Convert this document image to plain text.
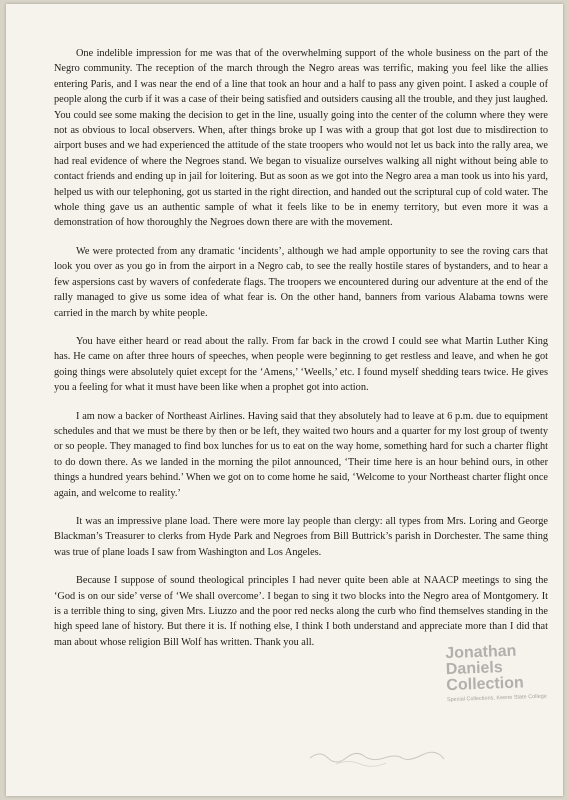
One indelible impression for me was that of the overwhelming support of the whole business on the part of the Negro community. The reception of the march through the Negro areas was terrific, making you feel like the allies entering Paris, and I was near the end of a line that took an hour and a half to pass any given point. I asked a couple of people along the curb if it was a case of their being satisfied and outsiders causing all the trouble, and they just laughed. You could see some making the decision to get in the line, usually going into the center of the column where they were not as obvious to local observers. When, after things broke up I was with a group that got lost due to misdirection to airport buses and we had experienced the attitude of the state troopers who would not let us back into the rally area, we had real evidence of where the Negroes stand. We began to visualize ourselves walking all night without being able to contact friends and ending up in jail for loitering. But as soon as we got into the Negro area a man took us into his yard, helped us with our telephoning, got us started in the right direction, and handed out the scriptural cup of cold water. The whole thing gave us an authentic sample of what it feels like to be in enemy territory, but even more it was a demonstration of how thoroughly the Negroes down there are with the movement.

We were protected from any dramatic ‘incidents’, although we had ample opportunity to see the roving cars that look you over as you go in from the airport in a Negro cab, to see the really hostile stares of bystanders, and to hear a few aspersions cast by wavers of confederate flags. The troopers we encountered during our adventure at the end of the rally managed to give us some idea of what fear is. On the other hand, banners from various Alabama towns were carried in the march by white people.

You have either heard or read about the rally. From far back in the crowd I could see what Martin Luther King has. He came on after three hours of speeches, when people were beginning to get restless and leave, and when he got going things were absolutely quiet except for the ‘Amens,’ ‘Weells,’ etc. I found myself shedding tears twice. He gives you a feeling for what it must have been like when a prophet got into action.

I am now a backer of Northeast Airlines. Having said that they absolutely had to leave at 6 p.m. due to equipment schedules and that we must be there by then or be left, they waited two hours and a quarter for my lost group of twenty or so people. They managed to find box lunches for us to eat on the way home, something hard for such a charter flight to do down there. As we landed in the morning the pilot announced, ‘Their time here is an hour behind ours, in other things a hundred years behind.’ When we got on to come home he said, ‘Welcome to your Northeast charter flight once again, and welcome to reality.’

It was an impressive plane load. There were more lay people than clergy: all types from Mrs. Loring and George Blackman’s Treasurer to clerks from Hyde Park and Negroes from Bill Buttrick’s parish in Dorchester. The same thing was true of plane loads I saw from Washington and Los Angeles.

Because I suppose of sound theological principles I had never quite been able at NAACP meetings to sing the ‘God is on our side’ verse of ‘We shall overcome’. I began to sing it two blocks into the Negro area of Montgomery. It is a terrible thing to sing, given Mrs. Liuzzo and the poor red necks along the curb who find themselves standing in the high speed lane of history. But there it is. If nothing else, I think I both understand and appreciate more than I did that man about whose religion Bill Wolf has written. Thank you all.

Jonathan Daniels
Collection
Special Collections, Keene State College
